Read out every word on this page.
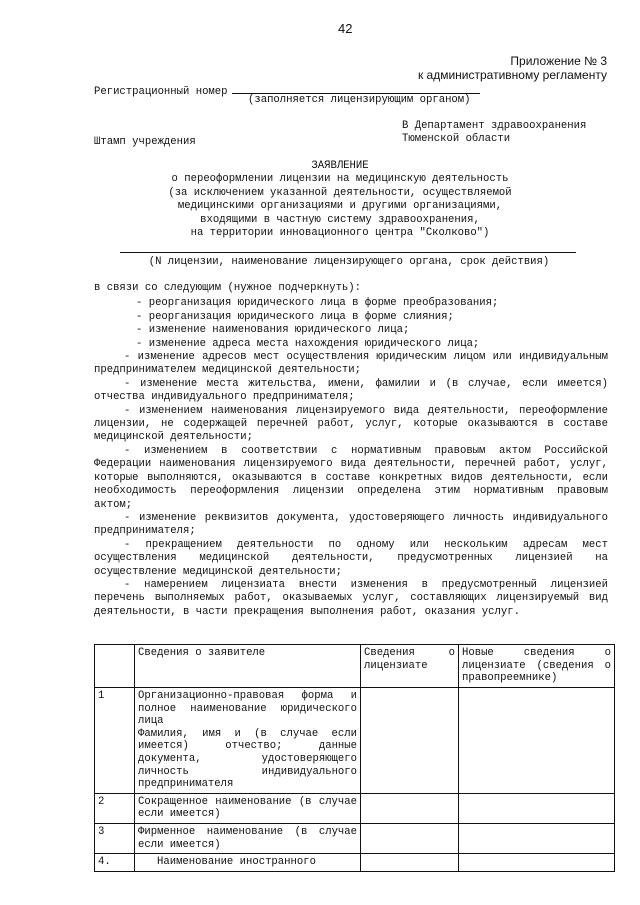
42
Приложение № 3
к административному регламенту
Регистрационный номер
(заполняется лицензирующим органом)
В Департамент здравоохранения
Тюменской области
Штамп учреждения
ЗАЯВЛЕНИЕ
о переоформлении лицензии на медицинскую деятельность
(за исключением указанной деятельности, осуществляемой
медицинскими организациями и другими организациями,
входящими в частную систему здравоохранения,
на территории инновационного центра "Сколково")
(N лицензии, наименование лицензирующего органа, срок действия)

в связи со следующим (нужное подчеркнуть):

- реорганизация юридического лица в форме преобразования;

- реорганизация юридического лица в форме слияния;

- изменение наименования юридического лица;

- изменение адреса места нахождения юридического лица;

- изменение адресов мест осуществления юридическим лицом или индивидуальным предпринимателем медицинской деятельности;

- изменение места жительства, имени, фамилии и (в случае, если имеется) отчества индивидуального предпринимателя;

- изменением наименования лицензируемого вида деятельности, переоформление лицензии, не содержащей перечней работ, услуг, которые оказываются в составе медицинской деятельности;

- изменением в соответствии с нормативным правовым актом Российской Федерации наименования лицензируемого вида деятельности, перечней работ, услуг, которые выполняются, оказываются в составе конкретных видов деятельности, если необходимость переоформления лицензии определена этим нормативным правовым актом;

- изменение реквизитов документа, удостоверяющего личность индивидуального предпринимателя;

- прекращением деятельности по одному или нескольким адресам мест осуществления медицинской деятельности, предусмотренных лицензией на осуществление медицинской деятельности;

- намерением лицензиата внести изменения в предусмотренный лицензией перечень выполняемых работ, оказываемых услуг, составляющих лицензируемый вид деятельности, в части прекращения выполнения работ, оказания услуг.

	Сведения о заявителе	Сведения о лицензиате	Новые сведения о лицензиате (сведения о правопреемнике)
1	Организационно-правовая форма и полное наименование юридического лица
Фамилия, имя и (в случае если имеется) отчество; данные документа, удостоверяющего личность индивидуального предпринимателя		

2	Сокращенное наименование (в случае если имеется)		
3	Фирменное наименование (в случае если имеется)		
4.	Наименование иностранного		
